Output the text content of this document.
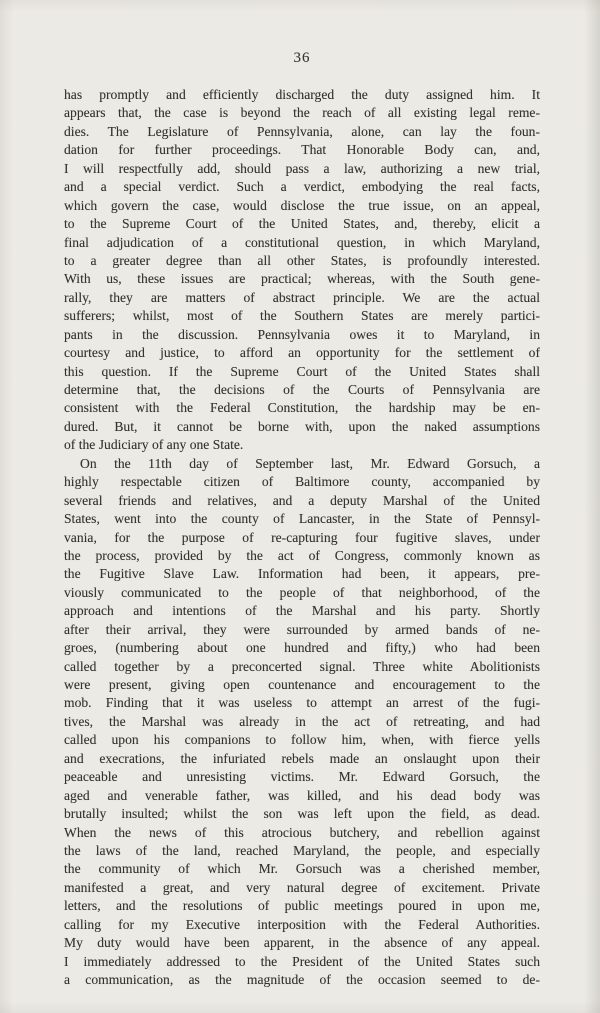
36
has promptly and efficiently discharged the duty assigned him. It
appears that, the case is beyond the reach of all existing legal reme-
dies. The Legislature of Pennsylvania, alone, can lay the foun-
dation for further proceedings. That Honorable Body can, and,
I will respectfully add, should pass a law, authorizing a new trial,
and a special verdict. Such a verdict, embodying the real facts,
which govern the case, would disclose the true issue, on an appeal,
to the Supreme Court of the United States, and, thereby, elicit a
final adjudication of a constitutional question, in which Maryland,
to a greater degree than all other States, is profoundly interested.
With us, these issues are practical; whereas, with the South gene-
rally, they are matters of abstract principle. We are the actual
sufferers; whilst, most of the Southern States are merely partici-
pants in the discussion. Pennsylvania owes it to Maryland, in
courtesy and justice, to afford an opportunity for the settlement of
this question. If the Supreme Court of the United States shall
determine that, the decisions of the Courts of Pennsylvania are
consistent with the Federal Constitution, the hardship may be en-
dured. But, it cannot be borne with, upon the naked assumptions
of the Judiciary of any one State.
On the 11th day of September last, Mr. Edward Gorsuch, a
highly respectable citizen of Baltimore county, accompanied by
several friends and relatives, and a deputy Marshal of the United
States, went into the county of Lancaster, in the State of Pennsyl-
vania, for the purpose of re-capturing four fugitive slaves, under
the process, provided by the act of Congress, commonly known as
the Fugitive Slave Law. Information had been, it appears, pre-
viously communicated to the people of that neighborhood, of the
approach and intentions of the Marshal and his party. Shortly
after their arrival, they were surrounded by armed bands of ne-
groes, (numbering about one hundred and fifty,) who had been
called together by a preconcerted signal. Three white Abolitionists
were present, giving open countenance and encouragement to the
mob. Finding that it was useless to attempt an arrest of the fugi-
tives, the Marshal was already in the act of retreating, and had
called upon his companions to follow him, when, with fierce yells
and execrations, the infuriated rebels made an onslaught upon their
peaceable and unresisting victims. Mr. Edward Gorsuch, the
aged and venerable father, was killed, and his dead body was
brutally insulted; whilst the son was left upon the field, as dead.
When the news of this atrocious butchery, and rebellion against
the laws of the land, reached Maryland, the people, and especially
the community of which Mr. Gorsuch was a cherished member,
manifested a great, and very natural degree of excitement. Private
letters, and the resolutions of public meetings poured in upon me,
calling for my Executive interposition with the Federal Authorities.
My duty would have been apparent, in the absence of any appeal.
I immediately addressed to the President of the United States such
a communication, as the magnitude of the occasion seemed to de-
